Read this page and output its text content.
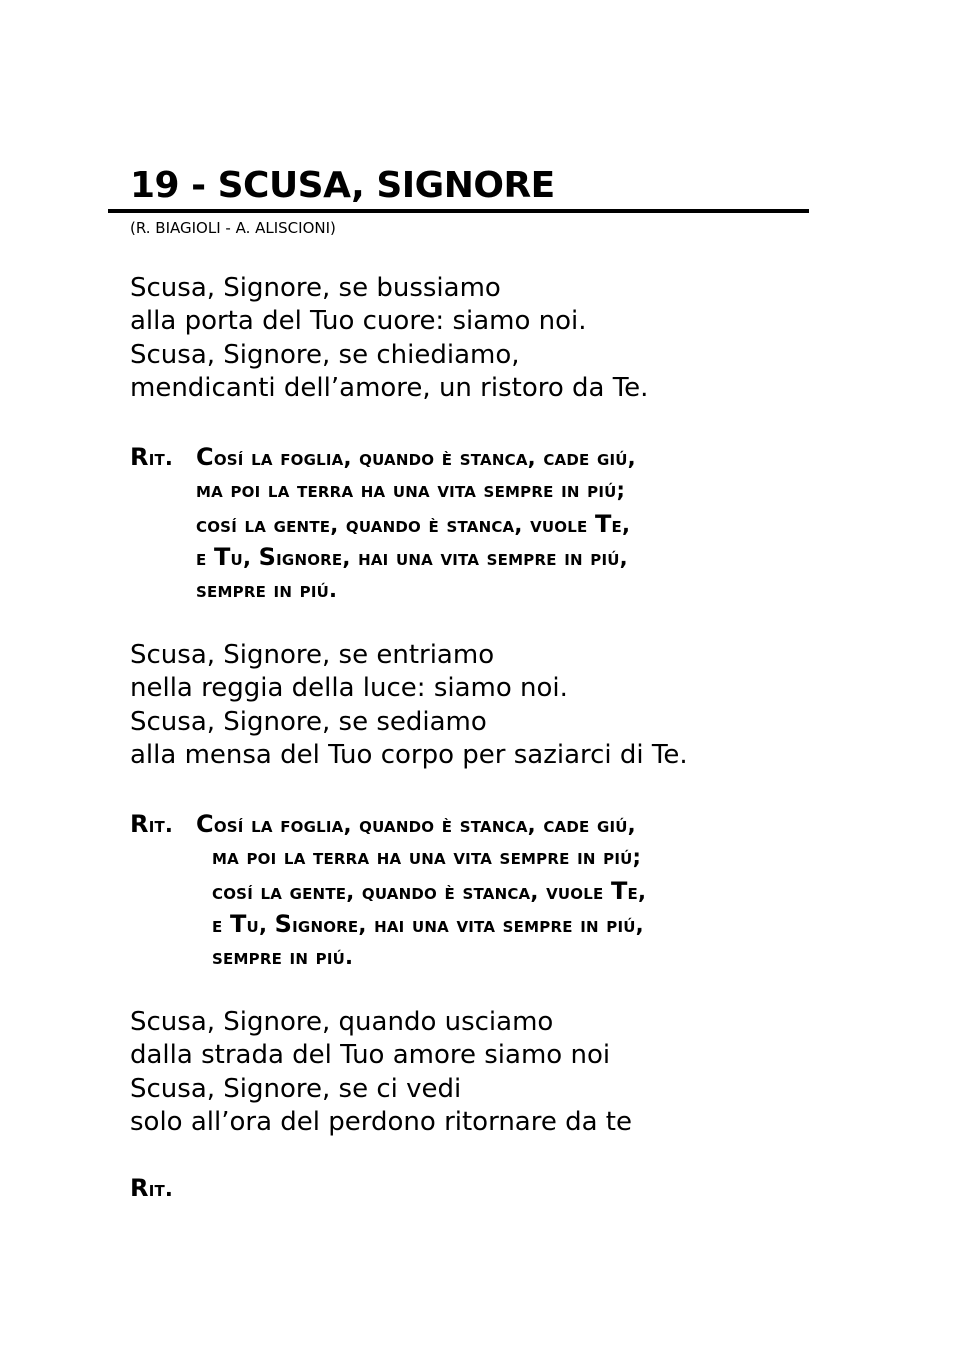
19 - SCUSA, SIGNORE
(R. BIAGIOLI - A. ALISCIONI)
Scusa, Signore, se bussiamo
alla porta del Tuo cuore: siamo noi.
Scusa, Signore, se chiediamo,
mendicanti dell’amore, un ristoro da Te.
Rit. Cosí la foglia, quando è stanca, cade giú,
ma poi la terra ha una vita sempre in piú;
cosí la gente, quando è stanca, vuole Te,
e Tu, Signore, hai una vita sempre in piú,
sempre in piú.
Scusa, Signore, se entriamo
nella reggia della luce: siamo noi.
Scusa, Signore, se sediamo
alla mensa del Tuo corpo per saziarci di Te.
Rit. Cosí la foglia, quando è stanca, cade giú,
ma poi la terra ha una vita sempre in piú;
cosí la gente, quando è stanca, vuole Te,
e Tu, Signore, hai una vita sempre in piú,
sempre in piú.
Scusa, Signore, quando usciamo
dalla strada del Tuo amore siamo noi
Scusa, Signore, se ci vedi
solo all’ora del perdono ritornare da te
Rit.
